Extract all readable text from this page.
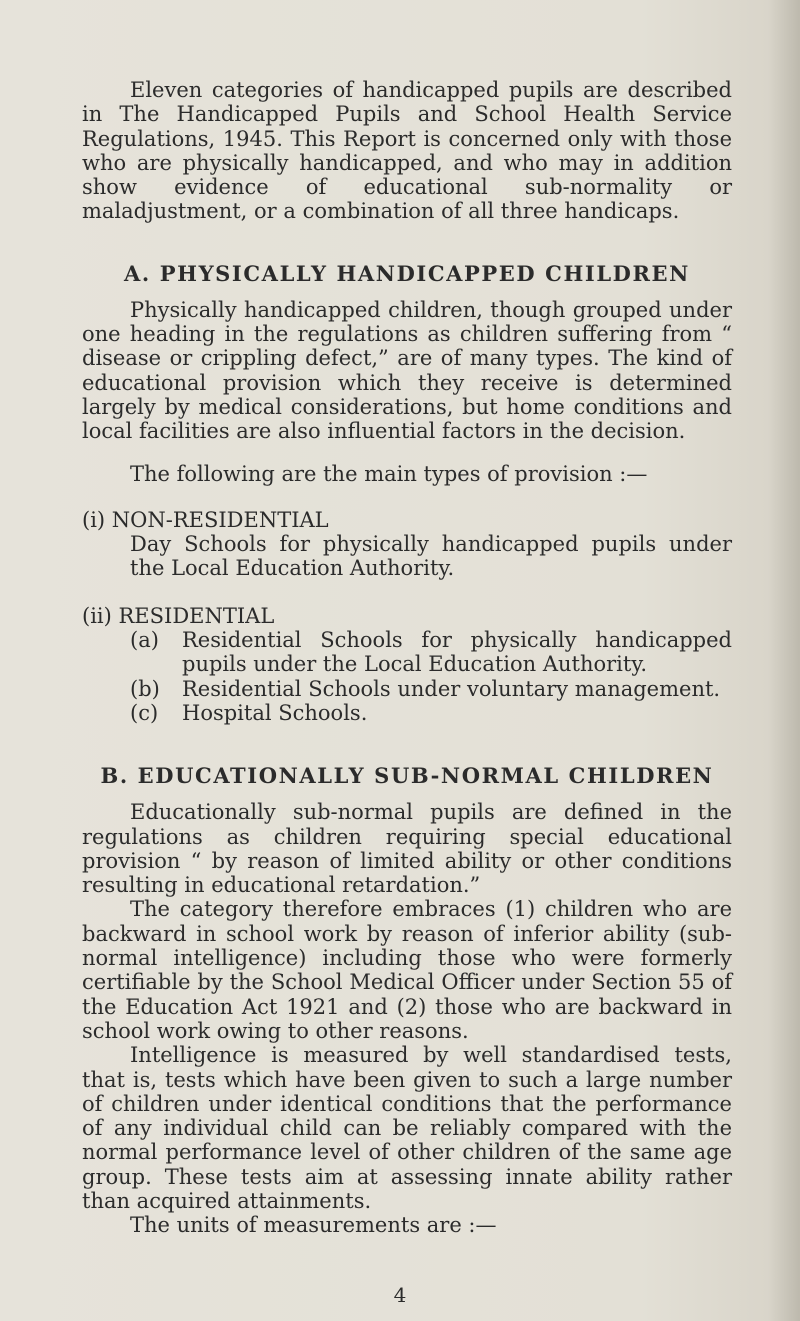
Eleven categories of handicapped pupils are described in The Handicapped Pupils and School Health Service Regulations, 1945. This Report is concerned only with those who are physically handicapped, and who may in addition show evidence of educational sub-normality or maladjustment, or a combination of all three handicaps.

A. PHYSICALLY HANDICAPPED CHILDREN

Physically handicapped children, though grouped under one heading in the regulations as children suffering from “ disease or crippling defect,” are of many types. The kind of educational provision which they receive is determined largely by medical considerations, but home conditions and local facilities are also influential factors in the decision.

The following are the main types of provision :—

(i) NON-RESIDENTIAL

Day Schools for physically handicapped pupils under the Local Education Authority.

(ii) RESIDENTIAL

(a)	Residential Schools for physically handicapped pupils under the Local Education Authority.
(b)	Residential Schools under voluntary management.
(c)	Hospital Schools.
B. EDUCATIONALLY SUB-NORMAL CHILDREN

Educationally sub-normal pupils are defined in the regulations as children requiring special educational provision “ by reason of limited ability or other conditions resulting in educational retardation.”

The category therefore embraces (1) children who are backward in school work by reason of inferior ability (sub-normal intelligence) including those who were formerly certifiable by the School Medical Officer under Section 55 of the Education Act 1921 and (2) those who are backward in school work owing to other reasons.

Intelligence is measured by well standardised tests, that is, tests which have been given to such a large number of children under identical conditions that the performance of any individual child can be reliably compared with the normal performance level of other children of the same age group. These tests aim at assessing innate ability rather than acquired attainments.

The units of measurements are :—

4
